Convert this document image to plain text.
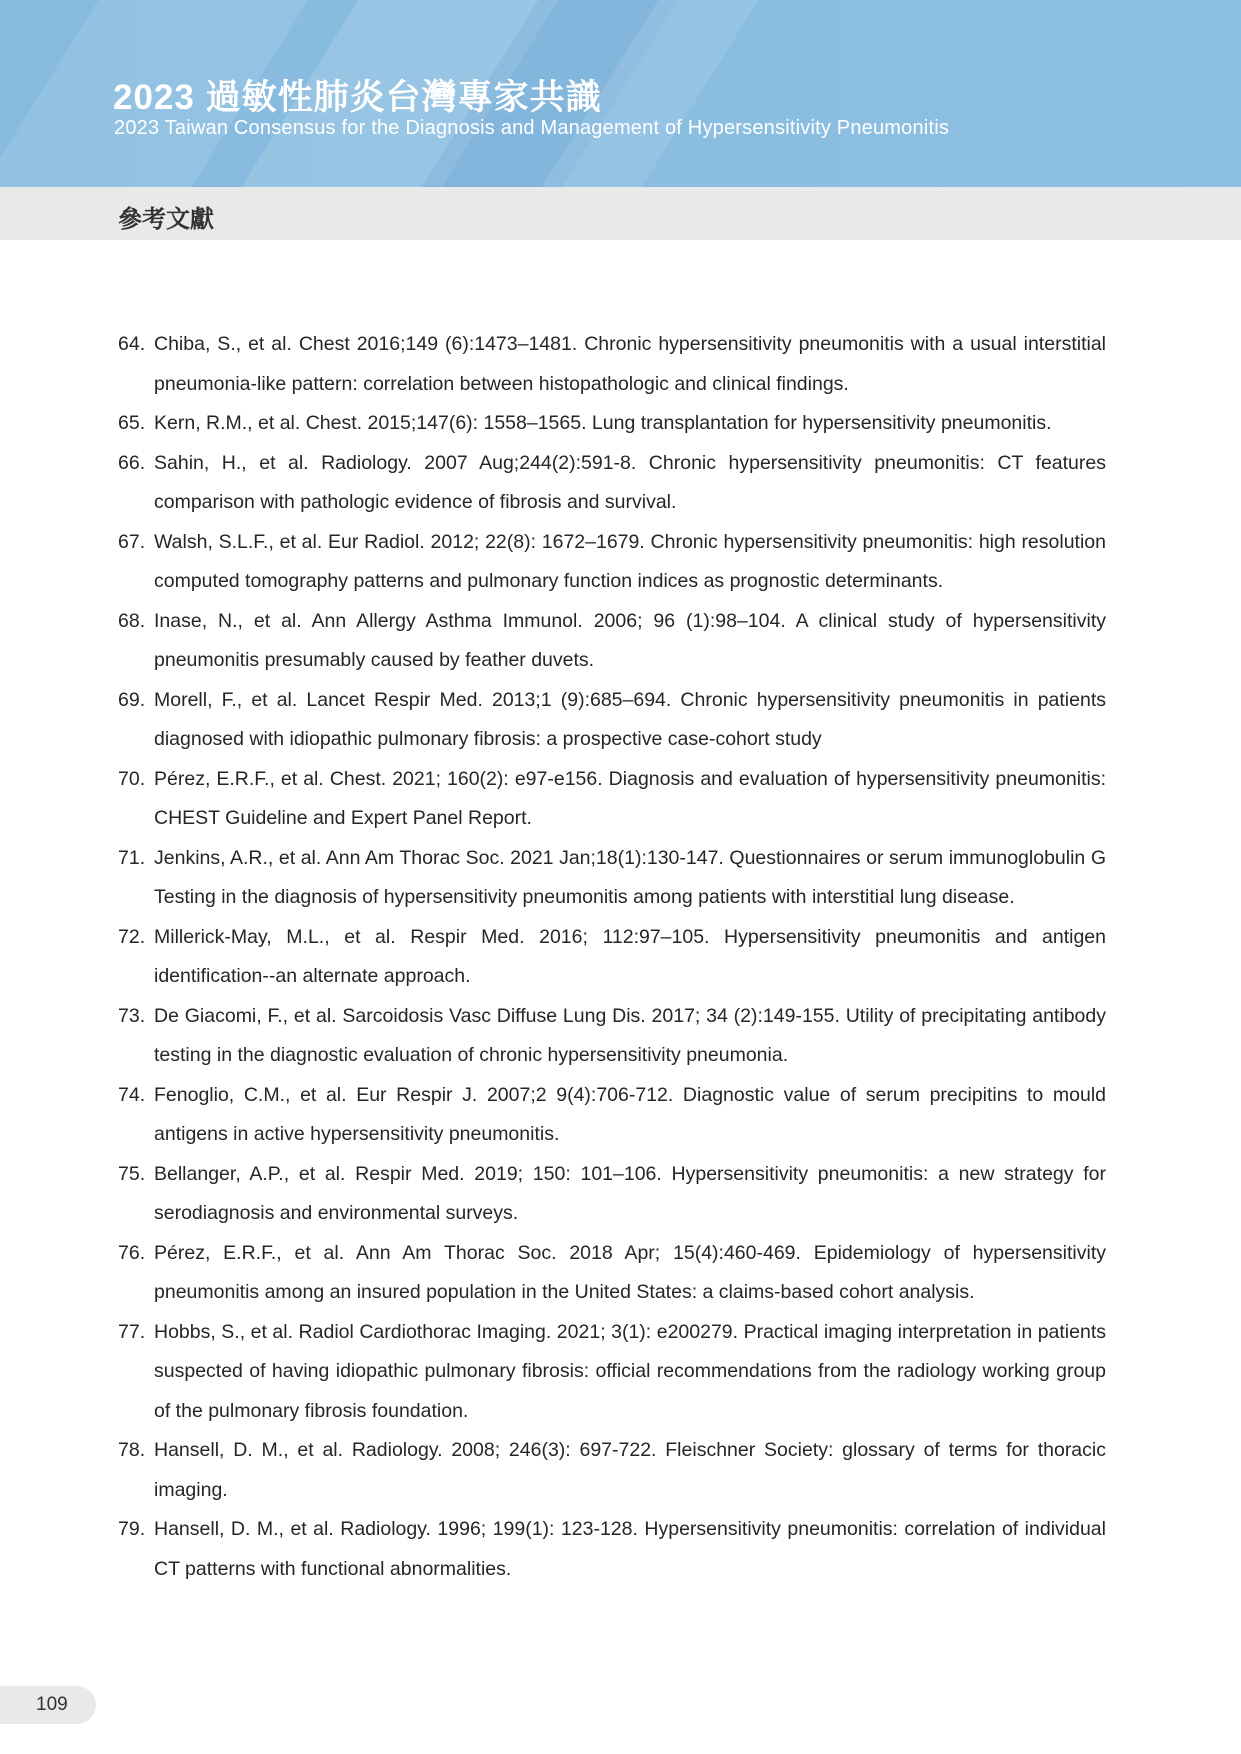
2023 過敏性肺炎台灣專家共識
2023 Taiwan Consensus for the Diagnosis and Management of Hypersensitivity Pneumonitis
參考文獻
64. Chiba, S., et al. Chest 2016;149 (6):1473–1481. Chronic hypersensitivity pneumonitis with a usual interstitial pneumonia-like pattern: correlation between histopathologic and clinical findings.
65. Kern, R.M., et al. Chest. 2015;147(6): 1558–1565. Lung transplantation for hypersensitivity pneumonitis.
66. Sahin, H., et al. Radiology. 2007 Aug;244(2):591-8. Chronic hypersensitivity pneumonitis: CT features comparison with pathologic evidence of fibrosis and survival.
67. Walsh, S.L.F., et al. Eur Radiol. 2012; 22(8): 1672–1679. Chronic hypersensitivity pneumonitis: high resolution computed tomography patterns and pulmonary function indices as prognostic determinants.
68. Inase, N., et al. Ann Allergy Asthma Immunol. 2006; 96 (1):98–104. A clinical study of hypersensitivity pneumonitis presumably caused by feather duvets.
69. Morell, F., et al. Lancet Respir Med. 2013;1 (9):685–694. Chronic hypersensitivity pneumonitis in patients diagnosed with idiopathic pulmonary fibrosis: a prospective case-cohort study
70. Pérez, E.R.F., et al. Chest. 2021; 160(2): e97-e156. Diagnosis and evaluation of hypersensitivity pneumonitis: CHEST Guideline and Expert Panel Report.
71. Jenkins, A.R., et al. Ann Am Thorac Soc. 2021 Jan;18(1):130-147. Questionnaires or serum immunoglobulin G Testing in the diagnosis of hypersensitivity pneumonitis among patients with interstitial lung disease.
72. Millerick-May, M.L., et al. Respir Med. 2016; 112:97–105. Hypersensitivity pneumonitis and antigen identification--an alternate approach.
73. De Giacomi, F., et al. Sarcoidosis Vasc Diffuse Lung Dis. 2017; 34 (2):149-155. Utility of precipitating antibody testing in the diagnostic evaluation of chronic hypersensitivity pneumonia.
74. Fenoglio, C.M., et al. Eur Respir J. 2007;2 9(4):706-712. Diagnostic value of serum precipitins to mould antigens in active hypersensitivity pneumonitis.
75. Bellanger, A.P., et al. Respir Med. 2019; 150: 101–106. Hypersensitivity pneumonitis: a new strategy for serodiagnosis and environmental surveys.
76. Pérez, E.R.F., et al. Ann Am Thorac Soc. 2018 Apr; 15(4):460-469. Epidemiology of hypersensitivity pneumonitis among an insured population in the United States: a claims-based cohort analysis.
77. Hobbs, S., et al. Radiol Cardiothorac Imaging. 2021; 3(1): e200279. Practical imaging interpretation in patients suspected of having idiopathic pulmonary fibrosis: official recommendations from the radiology working group of the pulmonary fibrosis foundation.
78. Hansell, D. M., et al. Radiology. 2008; 246(3): 697-722. Fleischner Society: glossary of terms for thoracic imaging.
79. Hansell, D. M., et al. Radiology. 1996; 199(1): 123-128. Hypersensitivity pneumonitis: correlation of individual CT patterns with functional abnormalities.
109
